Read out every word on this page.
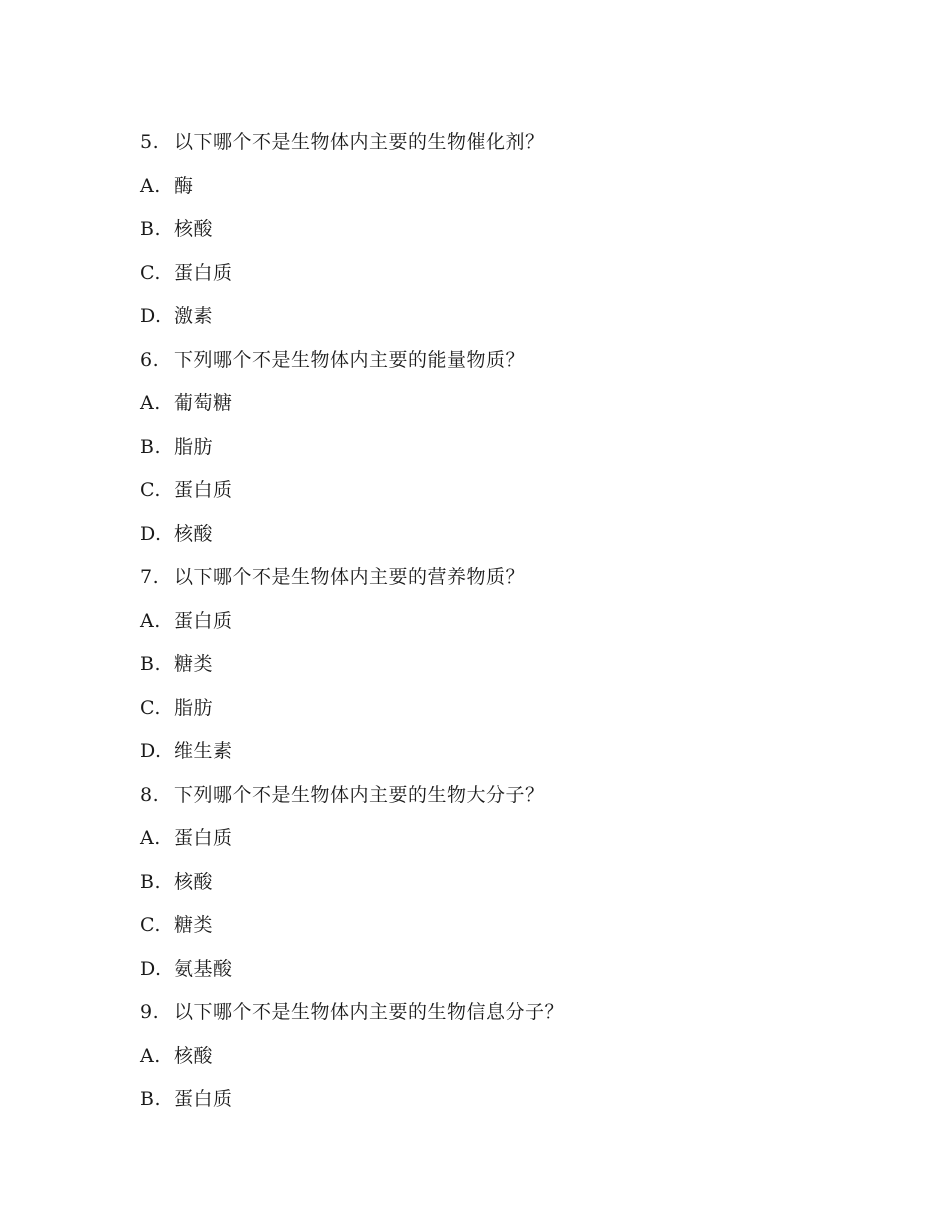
5. 以下哪个不是生物体内主要的生物催化剂？
A. 酶
B. 核酸
C. 蛋白质
D. 激素
6. 下列哪个不是生物体内主要的能量物质？
A. 葡萄糖
B. 脂肪
C. 蛋白质
D. 核酸
7. 以下哪个不是生物体内主要的营养物质？
A. 蛋白质
B. 糖类
C. 脂肪
D. 维生素
8. 下列哪个不是生物体内主要的生物大分子？
A. 蛋白质
B. 核酸
C. 糖类
D. 氨基酸
9. 以下哪个不是生物体内主要的生物信息分子？
A. 核酸
B. 蛋白质
